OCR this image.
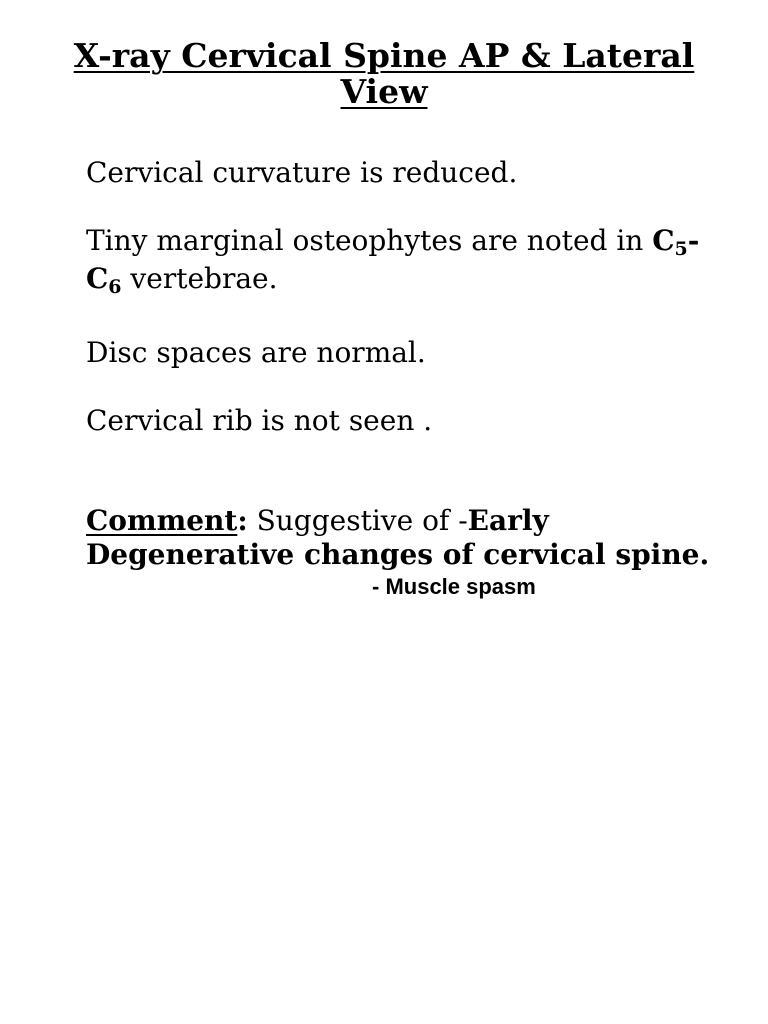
X-ray Cervical Spine AP & Lateral
View

Cervical curvature is reduced.

Tiny marginal osteophytes are noted in $C_5-$
$C_6$ vertebrae.

Disc spaces are normal.

Cervical rib is not seen .

Comment: Suggestive of -Early
Degenerative changes of cervical spine.

- Muscle spasm
